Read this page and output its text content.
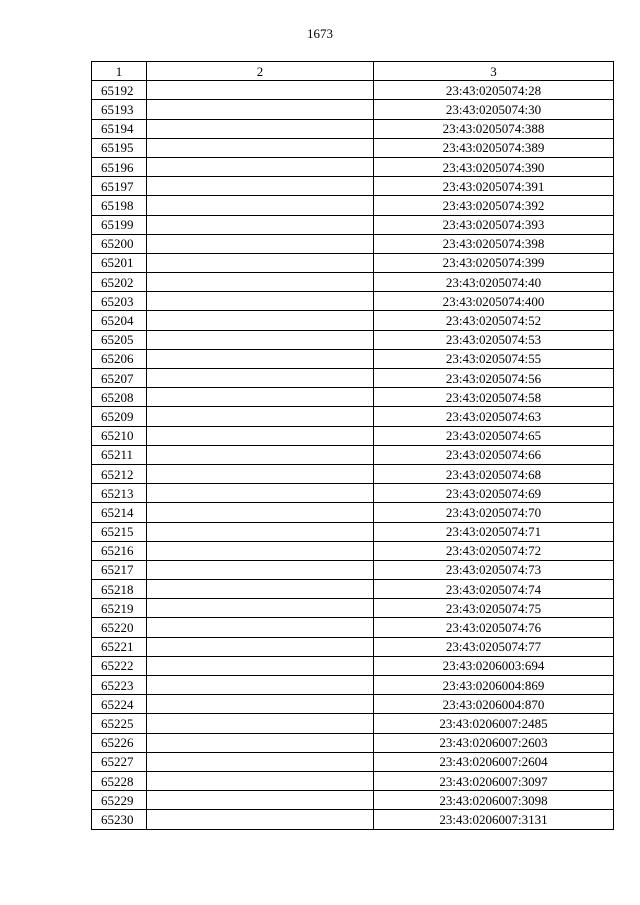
1673
1	2	3
65192		23:43:0205074:28
65193		23:43:0205074:30
65194		23:43:0205074:388
65195		23:43:0205074:389
65196		23:43:0205074:390
65197		23:43:0205074:391
65198		23:43:0205074:392
65199		23:43:0205074:393
65200		23:43:0205074:398
65201		23:43:0205074:399
65202		23:43:0205074:40
65203		23:43:0205074:400
65204		23:43:0205074:52
65205		23:43:0205074:53
65206		23:43:0205074:55
65207		23:43:0205074:56
65208		23:43:0205074:58
65209		23:43:0205074:63
65210		23:43:0205074:65
65211		23:43:0205074:66
65212		23:43:0205074:68
65213		23:43:0205074:69
65214		23:43:0205074:70
65215		23:43:0205074:71
65216		23:43:0205074:72
65217		23:43:0205074:73
65218		23:43:0205074:74
65219		23:43:0205074:75
65220		23:43:0205074:76
65221		23:43:0205074:77
65222		23:43:0206003:694
65223		23:43:0206004:869
65224		23:43:0206004:870
65225		23:43:0206007:2485
65226		23:43:0206007:2603
65227		23:43:0206007:2604
65228		23:43:0206007:3097
65229		23:43:0206007:3098
65230		23:43:0206007:3131
